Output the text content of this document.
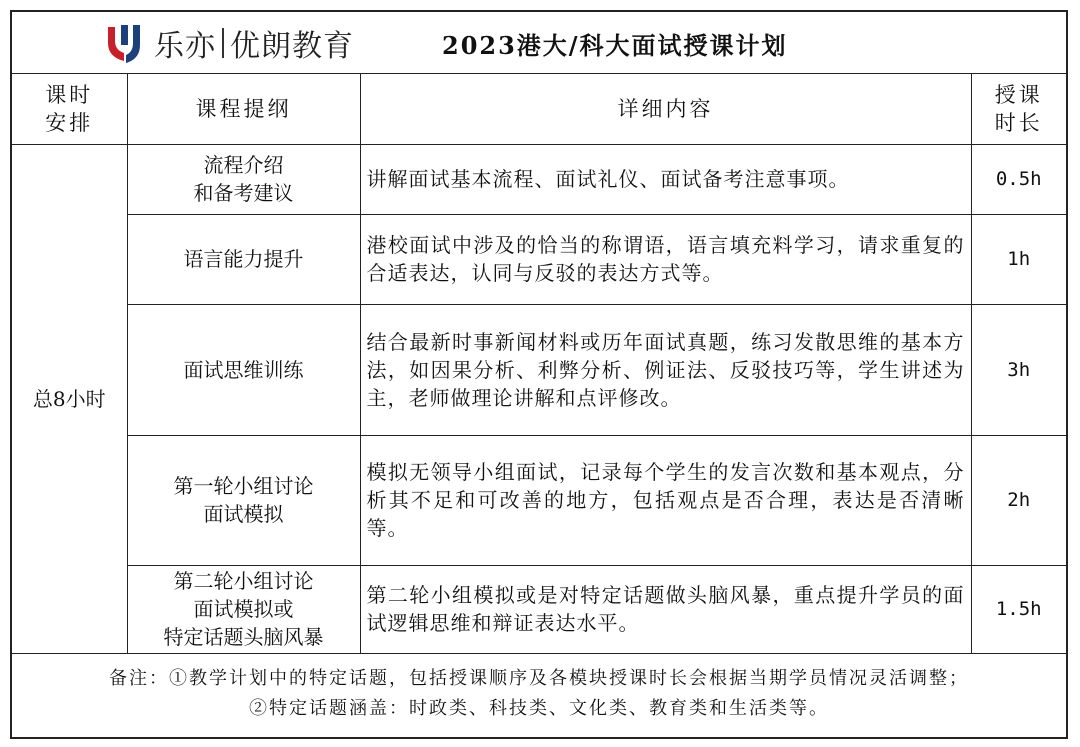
乐亦 优朗教育	2023港大/科大面试授课计划
课时
安排	课程提纲	详细内容	授课
时长

总8小时	流程介绍
和备考建议	讲解面试基本流程、面试礼仪、面试备考注意事项。	0.5h

	语言能力提升	港校面试中涉及的恰当的称谓语，语言填充料学习，请求重复的合适表达，认同与反驳的表达方式等。	1h

	面试思维训练	结合最新时事新闻材料或历年面试真题，练习发散思维的基本方法，如因果分析、利弊分析、例证法、反驳技巧等，学生讲述为主，老师做理论讲解和点评修改。	3h

	第一轮小组讨论
面试模拟	模拟无领导小组面试，记录每个学生的发言次数和基本观点，分析其不足和可改善的地方，包括观点是否合理，表达是否清晰等。	2h

	第二轮小组讨论
面试模拟或
特定话题头脑风暴	第二轮小组模拟或是对特定话题做头脑风暴，重点提升学员的面试逻辑思维和辩证表达水平。	1.5h
备注：①教学计划中的特定话题，包括授课顺序及各模块授课时长会根据当期学员情况灵活调整；
②特定话题涵盖：时政类、科技类、文化类、教育类和生活类等。
